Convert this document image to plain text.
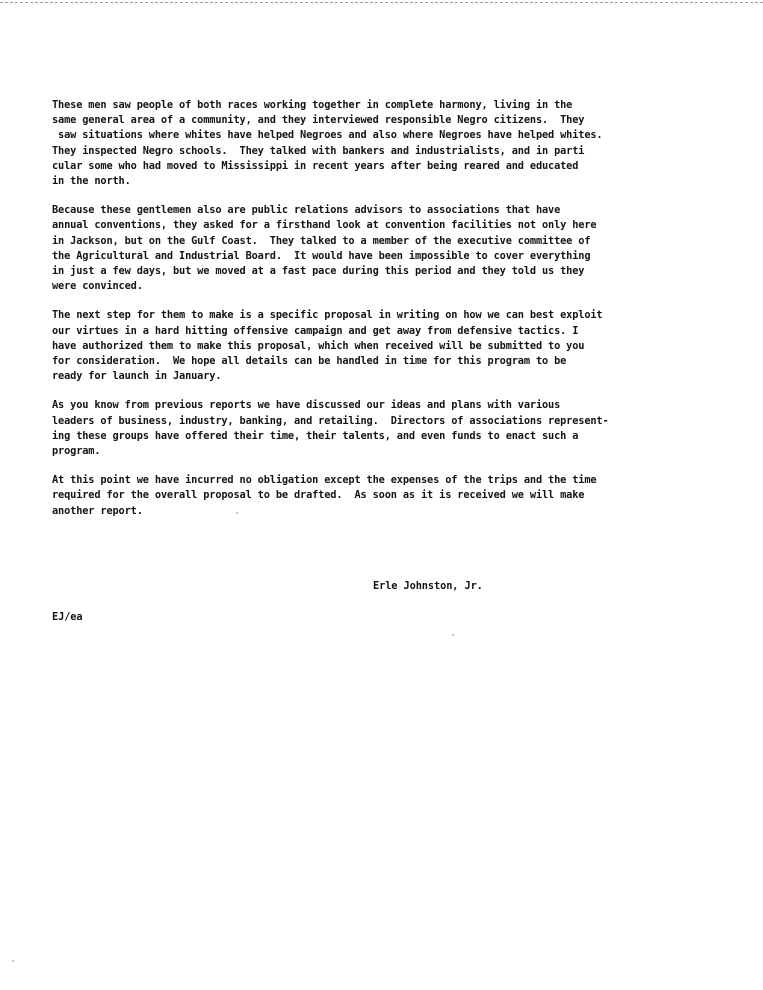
These men saw people of both races working together in complete harmony, living in the
same general area of a community, and they interviewed responsible Negro citizens.  They
saw situations where whites have helped Negroes and also where Negroes have helped whites.
They inspected Negro schools.  They talked with bankers and industrialists, and in parti
cular some who had moved to Mississippi in recent years after being reared and educated
in the north.
Because these gentlemen also are public relations advisors to associations that have
annual conventions, they asked for a firsthand look at convention facilities not only here
in Jackson, but on the Gulf Coast.  They talked to a member of the executive committee of
the Agricultural and Industrial Board.  It would have been impossible to cover everything
in just a few days, but we moved at a fast pace during this period and they told us they
were convinced.
The next step for them to make is a specific proposal in writing on how we can best exploit
our virtues in a hard hitting offensive campaign and get away from defensive tactics. I
have authorized them to make this proposal, which when received will be submitted to you
for consideration.  We hope all details can be handled in time for this program to be
ready for launch in January.
As you know from previous reports we have discussed our ideas and plans with various
leaders of business, industry, banking, and retailing.  Directors of associations represent-
ing these groups have offered their time, their talents, and even funds to enact such a
program.
At this point we have incurred no obligation except the expenses of the trips and the time
required for the overall proposal to be drafted.  As soon as it is received we will make
another report.
Erle Johnston, Jr.
EJ/ea
